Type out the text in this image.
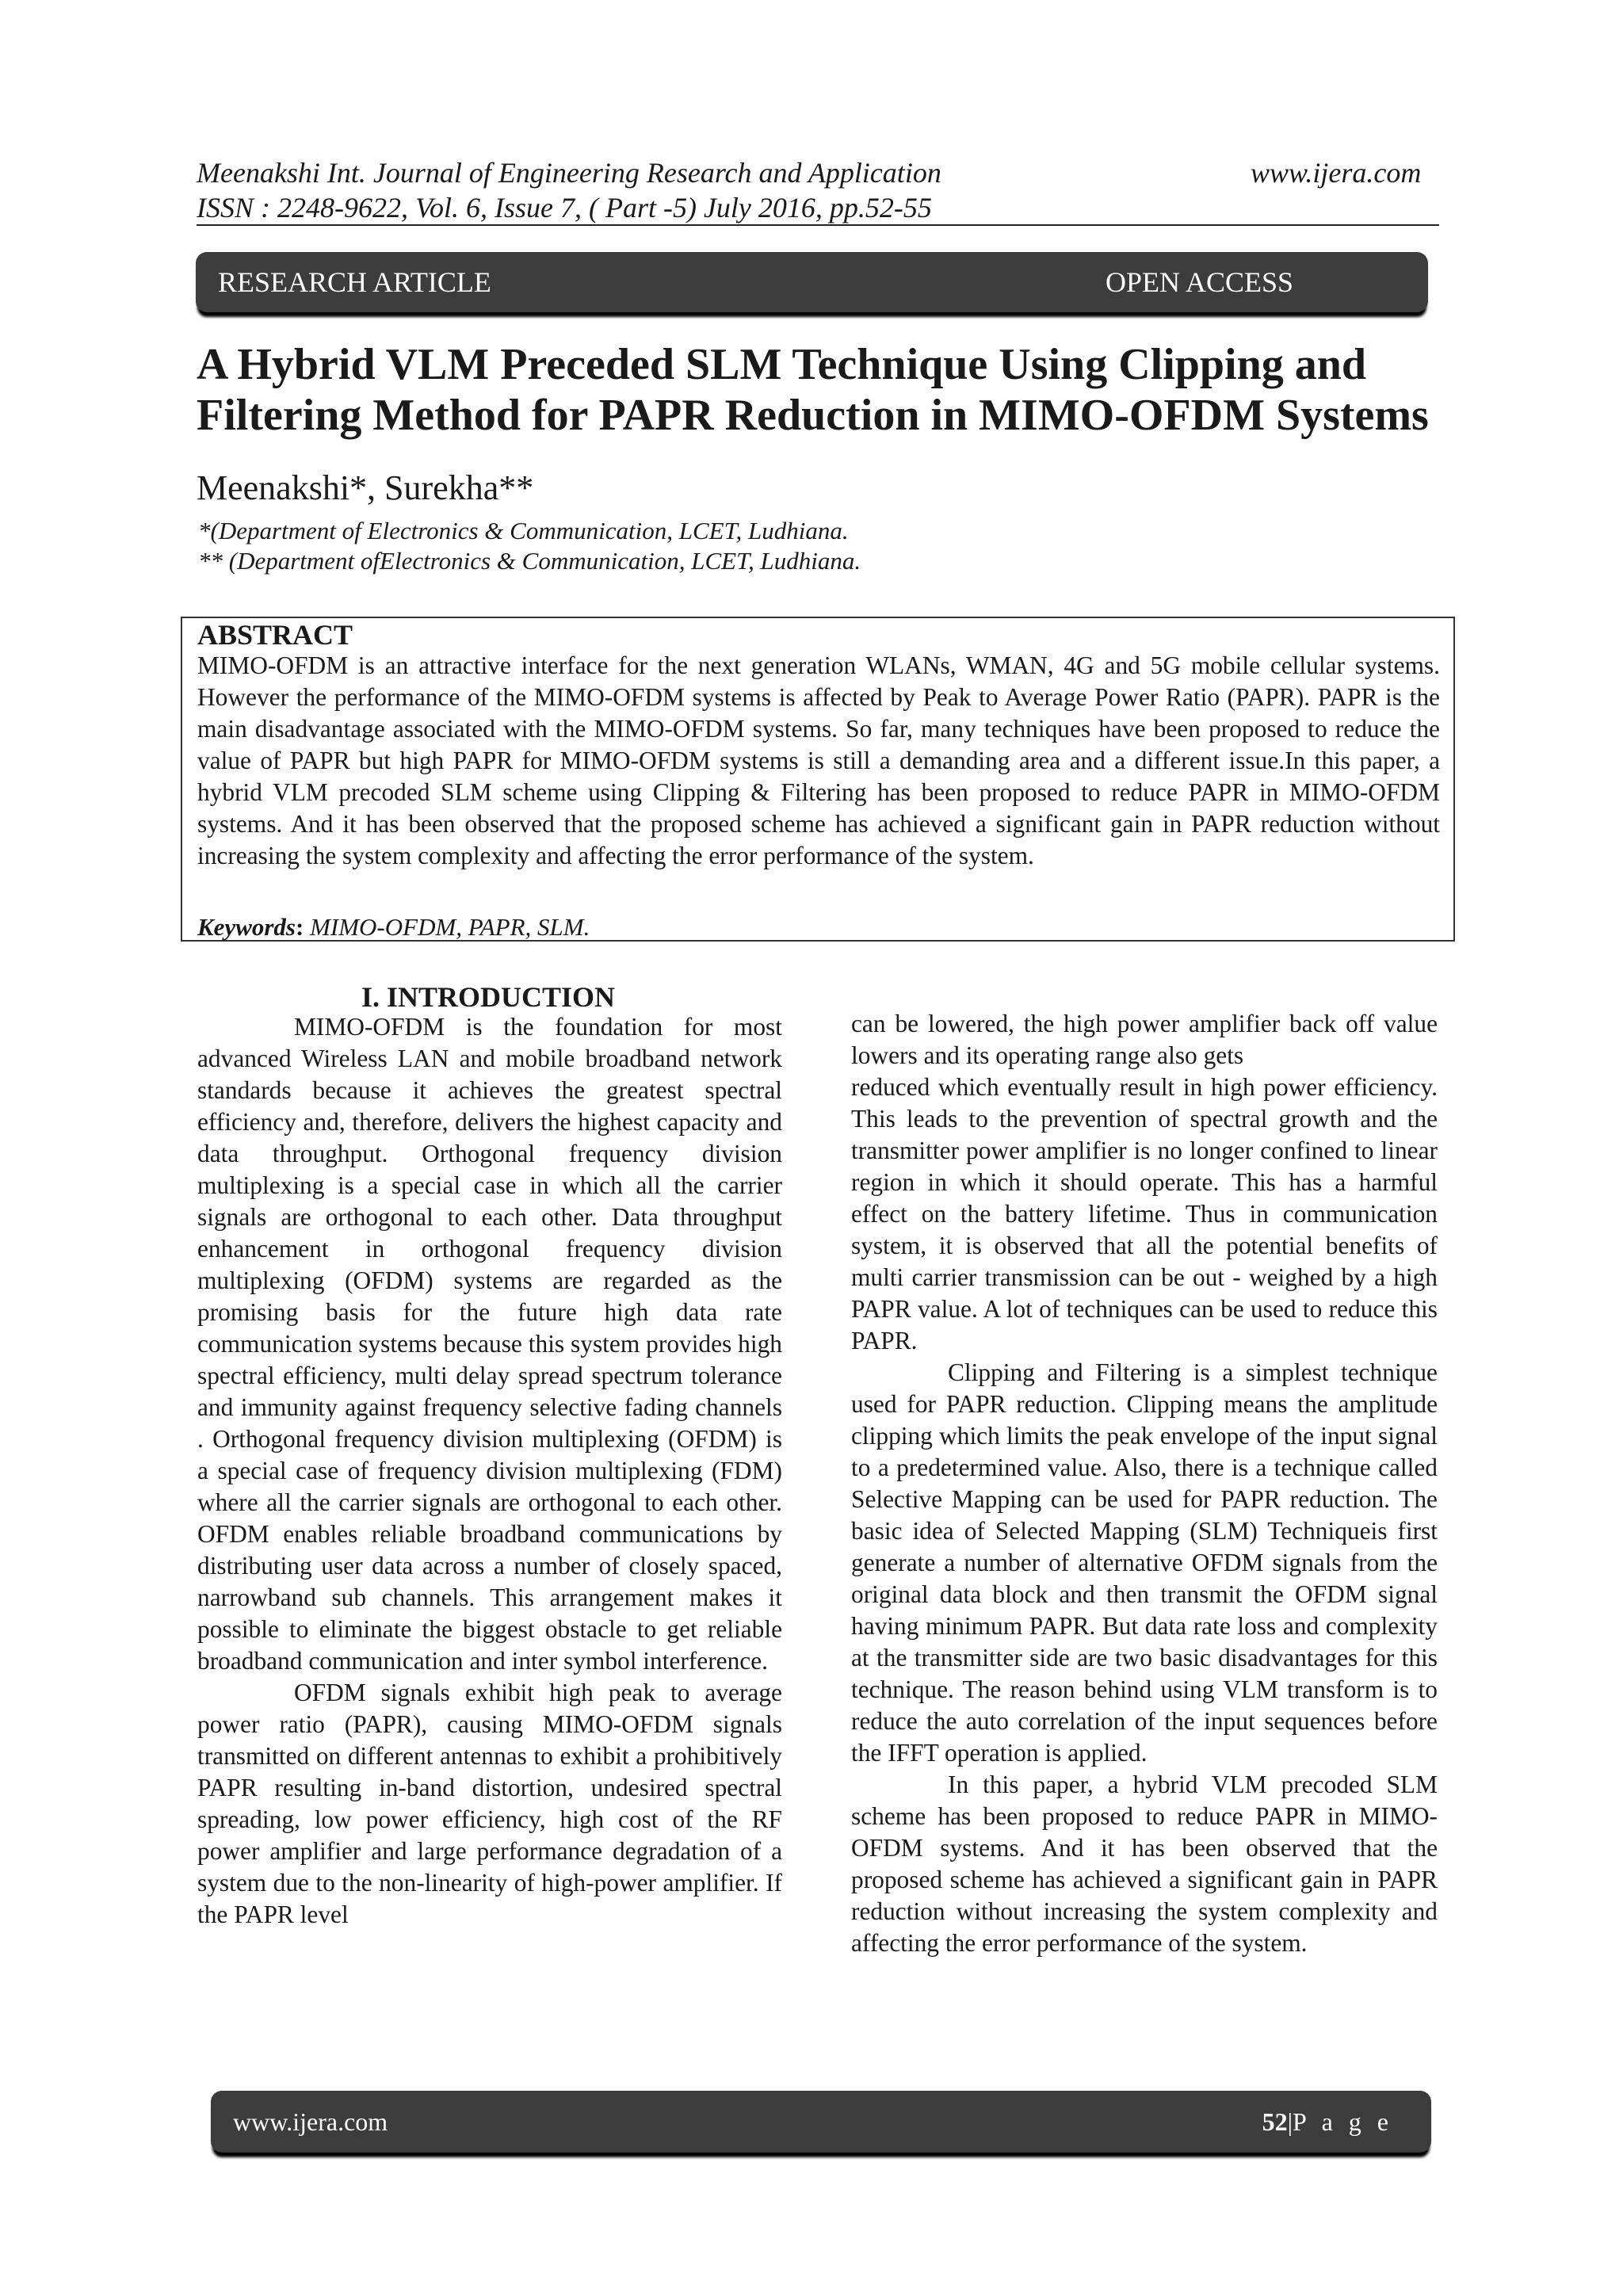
Meenakshi Int. Journal of Engineering Research and Application	www.ijera.com
ISSN : 2248-9622, Vol. 6, Issue 7, ( Part -5) July 2016, pp.52-55
RESEARCH ARTICLE	OPEN ACCESS
A Hybrid VLM Preceded SLM Technique Using Clipping and
Filtering Method for PAPR Reduction in MIMO-OFDM Systems
Meenakshi*, Surekha**
*(Department of Electronics & Communication, LCET, Ludhiana.
** (Department ofElectronics & Communication, LCET, Ludhiana.
ABSTRACT
MIMO-OFDM is an attractive interface for the next generation WLANs, WMAN, 4G and 5G mobile cellular systems. However the performance of the MIMO-OFDM systems is affected by Peak to Average Power Ratio (PAPR). PAPR is the main disadvantage associated with the MIMO-OFDM systems. So far, many techniques have been proposed to reduce the value of PAPR but high PAPR for MIMO-OFDM systems is still a demanding area and a different issue.In this paper, a hybrid VLM precoded SLM scheme using Clipping & Filtering has been proposed to reduce PAPR in MIMO-OFDM systems. And it has been observed that the proposed scheme has achieved a significant gain in PAPR reduction without increasing the system complexity and affecting the error performance of the system.
Keywords: MIMO-OFDM, PAPR, SLM.
I. INTRODUCTION

MIMO-OFDM is the foundation for most advanced Wireless LAN and mobile broadband network standards because it achieves the greatest spectral efficiency and, therefore, delivers the highest capacity and data throughput. Orthogonal frequency division multiplexing is a special case in which all the carrier signals are orthogonal to each other. Data throughput enhancement in orthogonal frequency division multiplexing (OFDM) systems are regarded as the promising basis for the future high data rate communication systems because this system provides high spectral efficiency, multi delay spread spectrum tolerance and immunity against frequency selective fading channels . Orthogonal frequency division multiplexing (OFDM) is a special case of frequency division multiplexing (FDM) where all the carrier signals are orthogonal to each other. OFDM enables reliable broadband communications by distributing user data across a number of closely spaced, narrowband sub channels. This arrangement makes it possible to eliminate the biggest obstacle to get reliable broadband communication and inter symbol interference.

OFDM signals exhibit high peak to average power ratio (PAPR), causing MIMO-OFDM signals transmitted on different antennas to exhibit a prohibitively PAPR resulting in-band distortion, undesired spectral spreading, low power efficiency, high cost of the RF power amplifier and large performance degradation of a system due to the non-linearity of high-power amplifier. If the PAPR level

can be lowered, the high power amplifier back off value lowers and its operating range also gets

reduced which eventually result in high power efficiency. This leads to the prevention of spectral growth and the transmitter power amplifier is no longer confined to linear region in which it should operate. This has a harmful effect on the battery lifetime. Thus in communication system, it is observed that all the potential benefits of multi carrier transmission can be out - weighed by a high PAPR value. A lot of techniques can be used to reduce this PAPR.

Clipping and Filtering is a simplest technique used for PAPR reduction. Clipping means the amplitude clipping which limits the peak envelope of the input signal to a predetermined value. Also, there is a technique called Selective Mapping can be used for PAPR reduction. The basic idea of Selected Mapping (SLM) Techniqueis first generate a number of alternative OFDM signals from the original data block and then transmit the OFDM signal having minimum PAPR. But data rate loss and complexity at the transmitter side are two basic disadvantages for this technique. The reason behind using VLM transform is to reduce the auto correlation of the input sequences before the IFFT operation is applied.

In this paper, a hybrid VLM precoded SLM scheme has been proposed to reduce PAPR in MIMO-OFDM systems. And it has been observed that the proposed scheme has achieved a significant gain in PAPR reduction without increasing the system complexity and affecting the error performance of the system.

www.ijera.com	52|P a g e
